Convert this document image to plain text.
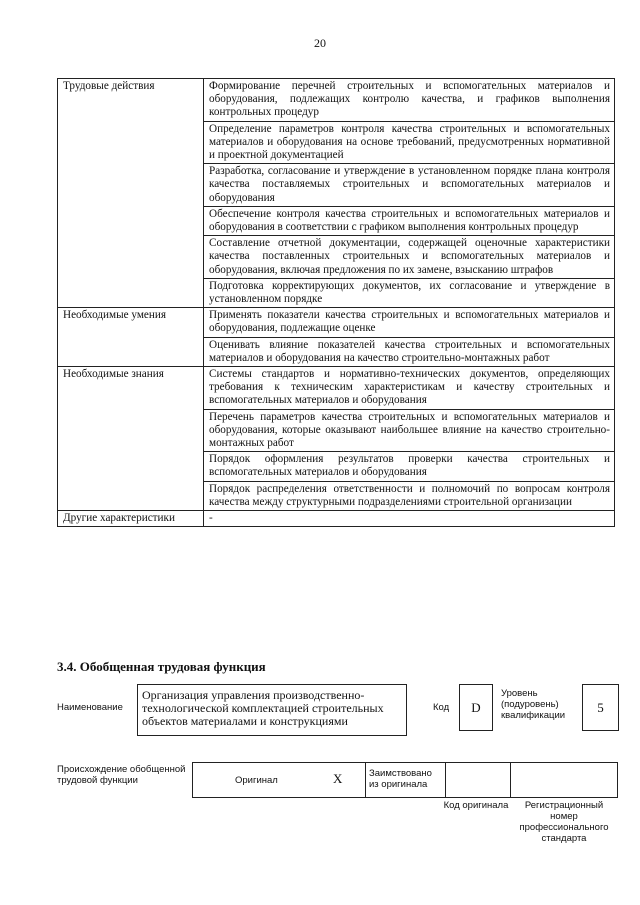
20
Трудовые действия	Формирование перечней строительных и вспомогательных материалов и оборудования, подлежащих контролю качества, и графиков выполнения контрольных процедур
	Определение параметров контроля качества строительных и вспомогательных материалов и оборудования на основе требований, предусмотренных нормативной и проектной документацией
	Разработка, согласование и утверждение в установленном порядке плана контроля качества поставляемых строительных и вспомогательных материалов и оборудования
	Обеспечение контроля качества строительных и вспомогательных материалов и оборудования в соответствии с графиком выполнения контрольных процедур
	Составление отчетной документации, содержащей оценочные характеристики качества поставленных строительных и вспомогательных материалов и оборудования, включая предложения по их замене, взысканию штрафов
	Подготовка корректирующих документов, их согласование и утверждение в установленном порядке
Необходимые умения	Применять показатели качества строительных и вспомогательных материалов и оборудования, подлежащие оценке
	Оценивать влияние показателей качества строительных и вспомогательных материалов и оборудования на качество строительно-монтажных работ
Необходимые знания	Системы стандартов и нормативно-технических документов, определяющих требования к техническим характеристикам и качеству строительных и вспомогательных материалов и оборудования
	Перечень параметров качества строительных и вспомогательных материалов и оборудования, которые оказывают наибольшее влияние на качество строительно-монтажных работ
	Порядок оформления результатов проверки качества строительных и вспомогательных материалов и оборудования
	Порядок распределения ответственности и полномочий по вопросам контроля качества между структурными подразделениями строительной организации
Другие характеристики	-
3.4. Обобщенная трудовая функция
Наименование
Организация управления производственно-технологической комплектацией строительных объектов материалами и конструкциями
Код D
Уровень (подуровень) квалификации
5
Происхождение обобщенной трудовой функции	Оригинал	X	Заимствовано из оригинала
Код оригинала	Регистрационный номер профессионального стандарта
